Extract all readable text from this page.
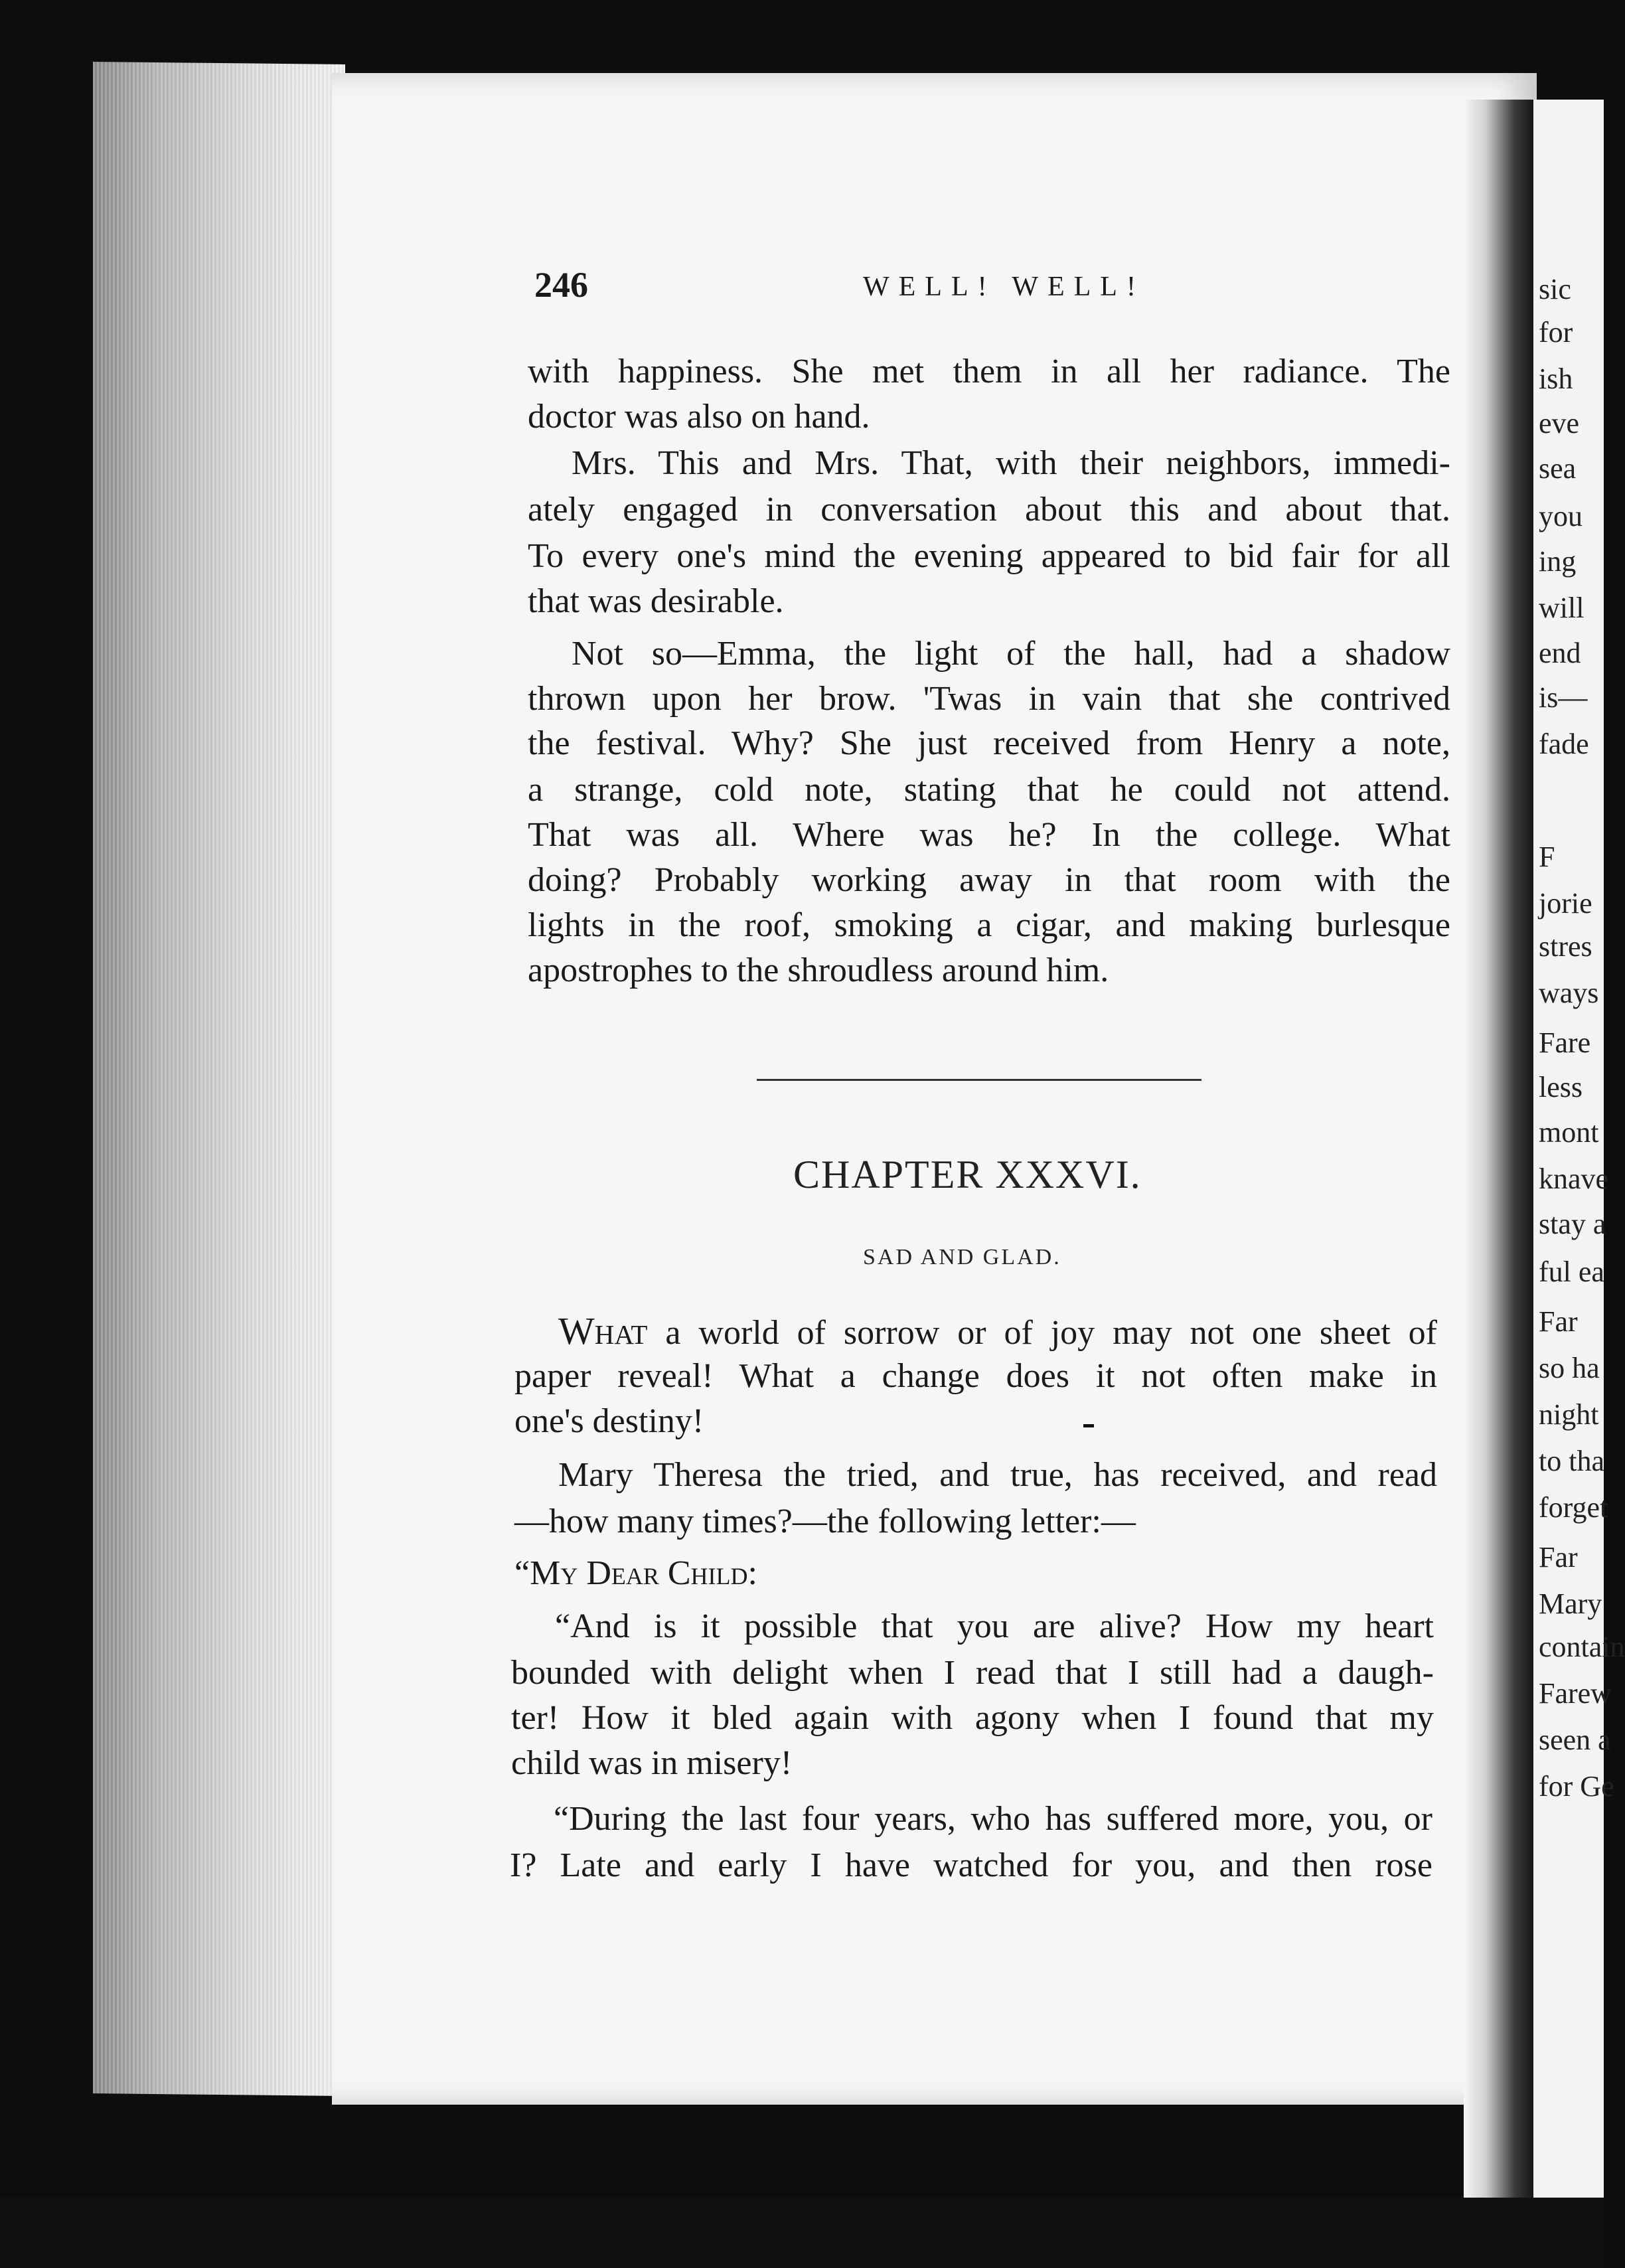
sic
for
ish
eve
sea
you
ing
will
end
is—
fade
F
jorie
stres
ways
Fare
less
mont
knave
stay a
ful ea
Far
so ha
night
to tha
forget
Far
Mary
contain
Farew
seen a
for Ge
246	WELL! WELL!
with happiness. She met them in all her radiance. The
doctor was also on hand.
Mrs. This and Mrs. That, with their neighbors, immedi-
ately engaged in conversation about this and about that.
To every one's mind the evening appeared to bid fair for all
that was desirable.
Not so—Emma, the light of the hall, had a shadow
thrown upon her brow. 'Twas in vain that she contrived
the festival. Why? She just received from Henry a note,
a strange, cold note, stating that he could not attend.
That was all. Where was he? In the college. What
doing? Probably working away in that room with the
lights in the roof, smoking a cigar, and making burlesque
apostrophes to the shroudless around him.
CHAPTER XXXVI.
SAD AND GLAD.
What a world of sorrow or of joy may not one sheet of
paper reveal! What a change does it not often make in
one's destiny!
Mary Theresa the tried, and true, has received, and read
—how many times?—the following letter:—
“My Dear Child:
“And is it possible that you are alive? How my heart
bounded with delight when I read that I still had a daugh-
ter! How it bled again with agony when I found that my
child was in misery!
“During the last four years, who has suffered more, you, or
I? Late and early I have watched for you, and then rose
